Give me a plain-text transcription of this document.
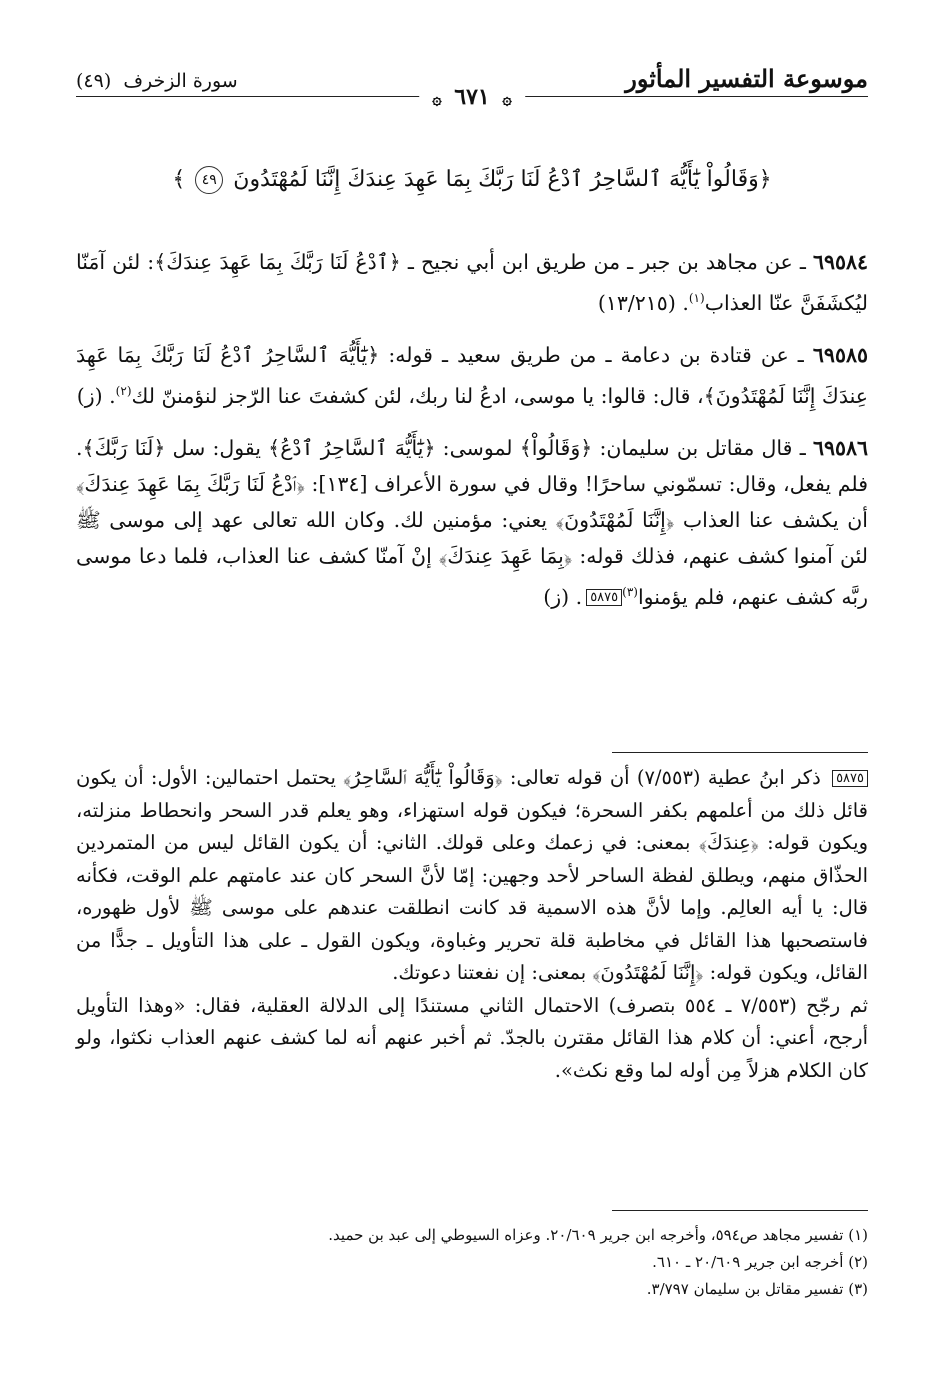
موسوعة التفسير المأثور
سورة الزخرف (٤٩)
۞ ٦٧١ ۞
﴿وَقَالُواْ يَٰٓأَيُّهَ ٱلسَّاحِرُ ٱدْعُ لَنَا رَبَّكَ بِمَا عَهِدَ عِندَكَ إِنَّنَا لَمُهْتَدُونَ ٤٩ ﴾

٦٩٥٨٤ ـ عن مجاهد بن جبر ـ من طريق ابن أبي نجيح ـ ﴿ٱدْعُ لَنَا رَبَّكَ بِمَا عَهِدَ عِندَكَ﴾: لئن آمَنّا ليُكشَفَنَّ عنّا العذاب$^{(١)}$. (١٣/٢١٥)

٦٩٥٨٥ ـ عن قتادة بن دعامة ـ من طريق سعيد ـ قوله: ﴿يَٰٓأَيُّهَ ٱلسَّاحِرُ ٱدْعُ لَنَا رَبَّكَ بِمَا عَهِدَ عِندَكَ إِنَّنَا لَمُهْتَدُونَ﴾، قال: قالوا: يا موسى، ادعُ لنا ربك، لئن كشفتَ عنا الرّجز لنؤمننّ لك$^{(٢)}$. (ز)

٦٩٥٨٦ ـ قال مقاتل بن سليمان: ﴿وَقَالُواْ﴾ لموسى: ﴿يَٰٓأَيُّهَ ٱلسَّاحِرُ ٱدْعُ﴾ يقول: سل ﴿لَنَا رَبَّكَ﴾. فلم يفعل، وقال: تسمّوني ساحرًا! وقال في سورة الأعراف [١٣٤]: ﴿ٱدْعُ لَنَا رَبَّكَ بِمَا عَهِدَ عِندَكَ﴾ أن يكشف عنا العذاب ﴿إِنَّنَا لَمُهْتَدُونَ﴾ يعني: مؤمنين لك. وكان الله تعالى عهد إلى موسى ﷺ لئن آمنوا كشف عنهم، فذلك قوله: ﴿بِمَا عَهِدَ عِندَكَ﴾ إنْ آمنّا كشف عنا العذاب، فلما دعا موسى ربَّه كشف عنهم، فلم يؤمنوا$^{(٣)}$٥٨٧٥. (ز)

٥٨٧٥ ذكر ابنُ عطية (٧/٥٥٣) أن قوله تعالى: ﴿وَقَالُواْ يَٰٓأَيُّهَ ٱلسَّاحِرُ﴾ يحتمل احتمالين: الأول: أن يكون قائل ذلك من أعلمهم بكفر السحرة؛ فيكون قوله استهزاء، وهو يعلم قدر السحر وانحطاط منزلته، ويكون قوله: ﴿عِندَكَ﴾ بمعنى: في زعمك وعلى قولك. الثاني: أن يكون القائل ليس من المتمردين الحذّاق منهم، ويطلق لفظة الساحر لأحد وجهين: إمّا لأنَّ السحر كان عند عامتهم علم الوقت، فكأنه قال: يا أيه العالِم. وإما لأنَّ هذه الاسمية قد كانت انطلقت عندهم على موسى ﷺ لأول ظهوره، فاستصحبها هذا القائل في مخاطبة قلة تحرير وغباوة، ويكون القول ـ على هذا التأويل ـ جدًّا من القائل، ويكون قوله: ﴿إِنَّنَا لَمُهْتَدُونَ﴾ بمعنى: إن نفعتنا دعوتك.

ثم رجّح (٧/٥٥٣ ـ ٥٥٤ بتصرف) الاحتمال الثاني مستندًا إلى الدلالة العقلية، فقال: «وهذا التأويل أرجح، أعني: أن كلام هذا القائل مقترن بالجدّ. ثم أخبر عنهم أنه لما كشف عنهم العذاب نكثوا، ولو كان الكلام هزلاً مِن أوله لما وقع نكث».

(١) تفسير مجاهد ص٥٩٤، وأخرجه ابن جرير ٢٠/٦٠٩. وعزاه السيوطي إلى عبد بن حميد.

(٢) أخرجه ابن جرير ٢٠/٦٠٩ ـ ٦١٠.

(٣) تفسير مقاتل بن سليمان ٣/٧٩٧.
